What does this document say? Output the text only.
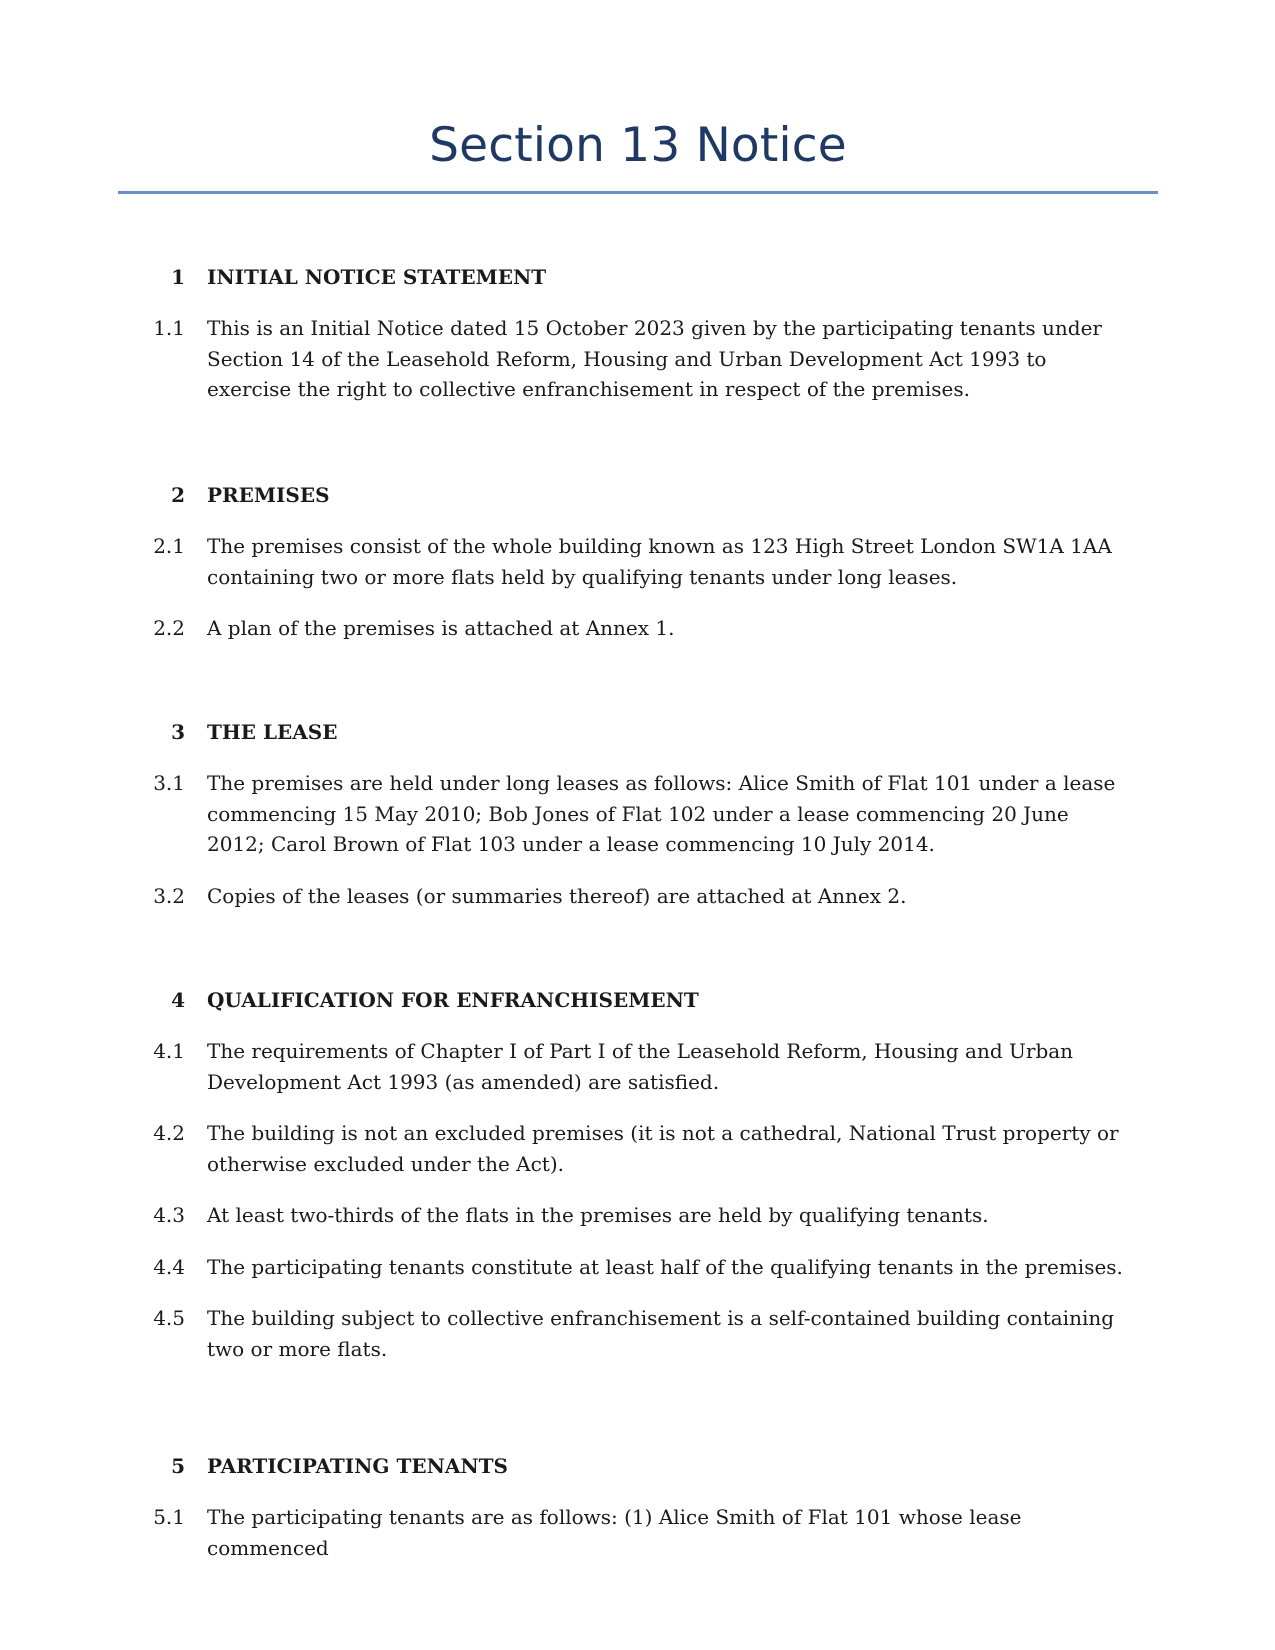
Section 13 Notice
1 INITIAL NOTICE STATEMENT
1.1 This is an Initial Notice dated 15 October 2023 given by the participating tenants under Section 14 of the Leasehold Reform, Housing and Urban Development Act 1993 to exercise the right to collective enfranchisement in respect of the premises.
2 PREMISES
2.1 The premises consist of the whole building known as 123 High Street London SW1A 1AA containing two or more flats held by qualifying tenants under long leases.
2.2 A plan of the premises is attached at Annex 1.
3 THE LEASE
3.1 The premises are held under long leases as follows: Alice Smith of Flat 101 under a lease commencing 15 May 2010; Bob Jones of Flat 102 under a lease commencing 20 June 2012; Carol Brown of Flat 103 under a lease commencing 10 July 2014.
3.2 Copies of the leases (or summaries thereof) are attached at Annex 2.
4 QUALIFICATION FOR ENFRANCHISEMENT
4.1 The requirements of Chapter I of Part I of the Leasehold Reform, Housing and Urban Development Act 1993 (as amended) are satisfied.
4.2 The building is not an excluded premises (it is not a cathedral, National Trust property or otherwise excluded under the Act).
4.3 At least two-thirds of the flats in the premises are held by qualifying tenants.
4.4 The participating tenants constitute at least half of the qualifying tenants in the premises.
4.5 The building subject to collective enfranchisement is a self-contained building containing two or more flats.
5 PARTICIPATING TENANTS
5.1 The participating tenants are as follows: (1) Alice Smith of Flat 101 whose lease commenced
